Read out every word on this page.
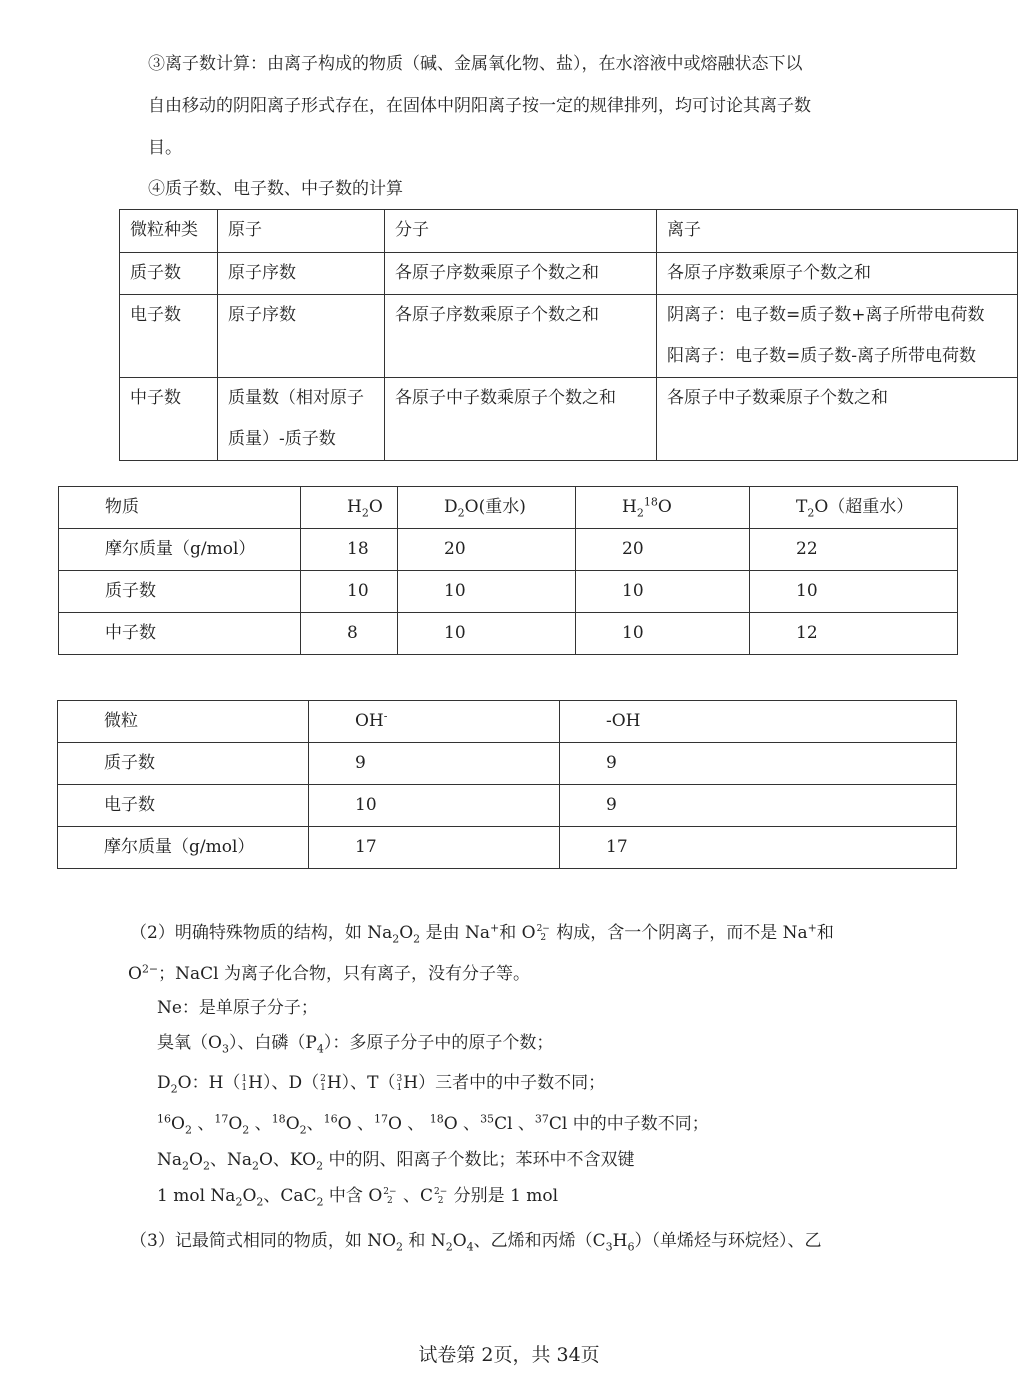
③离子数计算：由离子构成的物质（碱、金属氧化物、盐），在水溶液中或熔融状态下以
自由移动的阴阳离子形式存在，在固体中阴阳离子按一定的规律排列，均可讨论其离子数
目。
④质子数、电子数、中子数的计算
微粒种类	原子	分子	离子
质子数	原子序数	各原子序数乘原子个数之和	各原子序数乘原子个数之和
电子数	原子序数	各原子序数乘原子个数之和	阴离子：电子数=质子数+离子所带电荷数
阳离子：电子数=质子数-离子所带电荷数

中子数	质量数（相对原子
质量）-质子数	各原子中子数乘原子个数之和	各原子中子数乘原子个数之和
物质	$H_2O$	$D_2O$(重水)	$H_2^{18}O$	$T_2O$（超重水）
摩尔质量（g/mol）	18	20	20	22
质子数	10	10	10	10
中子数	8	10	10	12
微粒	OH-	-OH
质子数	9	9
电子数	10	9
摩尔质量（g/mol）	17	17
（2）明确特殊物质的结构，如 $Na_2O_2$ 是由 Na+和 O2−
2 构成，含一个阴离子，而不是 Na+和
$O^{2-}$；NaCl 为离子化合物，只有离子，没有分子等。
Ne：是单原子分子；
臭氧$(O_3)$、白磷$(P_4)$：多原子分子中的原子个数；
$D_2O$：H（1
1H）、D（2
1H）、T（3
1H）三者中的中子数不同；
$^{16}O_2$ 、$^{17}O_2$ 、$^{18}O_2$、$^{16}$O 、$^{17}$O 、 $^{18}$O 、$^{35}$Cl 、$^{37}$Cl 中的中子数不同；
$Na_2O_2$、$Na_2O$、$KO_2$ 中的阴、阳离子个数比；苯环中不含双键
1 mol $Na_2O_2$、CaC$_2$ 中含 O2−
2 、C2−
2 分别是 1 mol
（3）记最简式相同的物质，如 $NO_2$ 和 $N_2O_4$、乙烯和丙烯$(C_3H_6)$（单烯烃与环烷烃）、乙
试卷第 2页，共 34页
